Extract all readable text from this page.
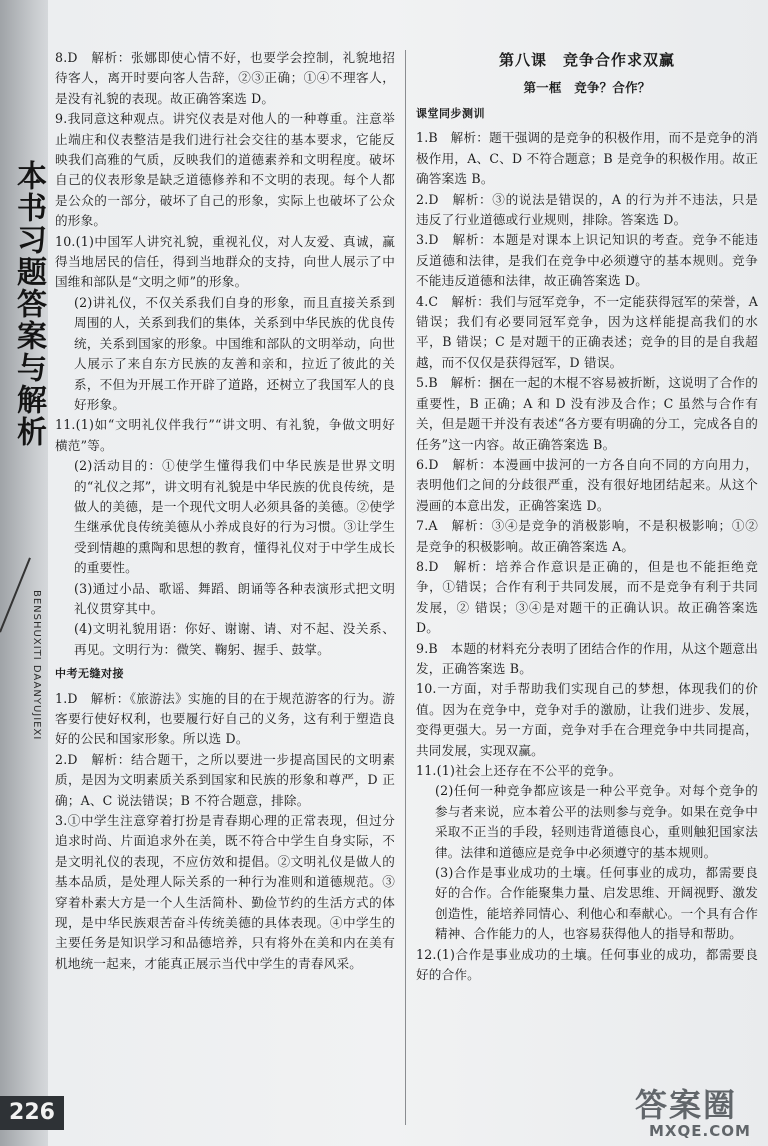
本书习题答案与解析
BENSHUXITI DAANYUJIEXI

8.D　解析：张娜即使心情不好，也要学会控制，礼貌地招待客人，离开时要向客人告辞，②③正确；①④不理客人，是没有礼貌的表现。故正确答案选 D。

9.我同意这种观点。讲究仪表是对他人的一种尊重。注意举止端庄和仪表整洁是我们进行社会交往的基本要求，它能反映我们高雅的气质，反映我们的道德素养和文明程度。破坏自己的仪表形象是缺乏道德修养和不文明的表现。每个人都是公众的一部分，破坏了自己的形象，实际上也破坏了公众的形象。

10.(1)中国军人讲究礼貌，重视礼仪，对人友爱、真诚，赢得当地居民的信任，得到当地群众的支持，向世人展示了中国维和部队是“文明之师”的形象。

(2)讲礼仪，不仅关系我们自身的形象，而且直接关系到周围的人，关系到我们的集体，关系到中华民族的优良传统，关系到国家的形象。中国维和部队的文明举动，向世人展示了来自东方民族的友善和亲和，拉近了彼此的关系，不但为开展工作开辟了道路，还树立了我国军人的良好形象。

11.(1)如“文明礼仪伴我行”“讲文明、有礼貌，争做文明好横范”等。

(2)活动目的：①使学生懂得我们中华民族是世界文明的“礼仪之邦”，讲文明有礼貌是中华民族的优良传统，是做人的美德，是一个现代文明人必须具备的美德。②使学生继承优良传统美德从小养成良好的行为习惯。③让学生受到情趣的熏陶和思想的教育，懂得礼仪对于中学生成长的重要性。

(3)通过小品、歌谣、舞蹈、朗诵等各种表演形式把文明礼仪贯穿其中。

(4)文明礼貌用语：你好、谢谢、请、对不起、没关系、再见。文明行为：微笑、鞠躬、握手、鼓掌。

中考无缝对接

1.D　解析：《旅游法》实施的目的在于规范游客的行为。游客要行使好权利，也要履行好自己的义务，这有利于塑造良好的公民和国家形象。所以选 D。

2.D　解析：结合题干，之所以要进一步提高国民的文明素质，是因为文明素质关系到国家和民族的形象和尊严，D 正确；A、C 说法错误；B 不符合题意，排除。

3.①中学生注意穿着打扮是青春期心理的正常表现，但过分追求时尚、片面追求外在美，既不符合中学生自身实际，不是文明礼仪的表现，不应仿效和提倡。②文明礼仪是做人的基本品质，是处理人际关系的一种行为准则和道德规范。③穿着朴素大方是一个人生活简朴、勤俭节约的生活方式的体现，是中华民族艰苦奋斗传统美德的具体表现。④中学生的主要任务是知识学习和品德培养，只有将外在美和内在美有机地统一起来，才能真正展示当代中学生的青春风采。

第八课　竞争合作求双赢
第一框　竞争？合作？
课堂同步测训

1.B　解析：题干强调的是竞争的积极作用，而不是竞争的消极作用，A、C、D 不符合题意；B 是竞争的积极作用。故正确答案选 B。

2.D　解析：③的说法是错误的，A 的行为并不违法，只是违反了行业道德或行业规则，排除。答案选 D。

3.D　解析：本题是对课本上识记知识的考查。竞争不能违反道德和法律，是我们在竞争中必须遵守的基本规则。竞争不能违反道德和法律，故正确答案选 D。

4.C　解析：我们与冠军竞争，不一定能获得冠军的荣誉，A 错误；我们有必要同冠军竞争，因为这样能提高我们的水平，B 错误；C 是对题干的正确表述；竞争的目的是自我超越，而不仅仅是获得冠军，D 错误。

5.B　解析：捆在一起的木棍不容易被折断，这说明了合作的重要性，B 正确；A 和 D 没有涉及合作；C 虽然与合作有关，但是题干并没有表述“各方要有明确的分工，完成各自的任务”这一内容。故正确答案选 B。

6.D　解析：本漫画中拔河的一方各自向不同的方向用力，表明他们之间的分歧很严重，没有很好地团结起来。从这个漫画的本意出发，正确答案选 D。

7.A　解析：③④是竞争的消极影响，不是积极影响；①② 是竞争的积极影响。故正确答案选 A。

8.D　解析：培养合作意识是正确的，但是也不能拒绝竞争，①错误；合作有利于共同发展，而不是竞争有利于共同发展，② 错误；③④是对题干的正确认识。故正确答案选 D。

9.B　本题的材料充分表明了团结合作的作用，从这个题意出发，正确答案选 B。

10.一方面，对手帮助我们实现自己的梦想，体现我们的价值。因为在竞争中，竞争对手的激励，让我们进步、发展，变得更强大。另一方面，竞争对手在合理竞争中共同提高，共同发展，实现双赢。

11.(1)社会上还存在不公平的竞争。

(2)任何一种竞争都应该是一种公平竞争。对每个竞争的参与者来说，应本着公平的法则参与竞争。如果在竞争中采取不正当的手段，轻则违背道德良心，重则触犯国家法律。法律和道德应是竞争中必须遵守的基本规则。

(3)合作是事业成功的土壤。任何事业的成功，都需要良好的合作。合作能聚集力量、启发思维、开阔视野、激发创造性，能培养同情心、利他心和奉献心。一个具有合作精神、合作能力的人，也容易获得他人的指导和帮助。

12.(1)合作是事业成功的土壤。任何事业的成功，都需要良好的合作。

226	答案圈
MXQE.COM
